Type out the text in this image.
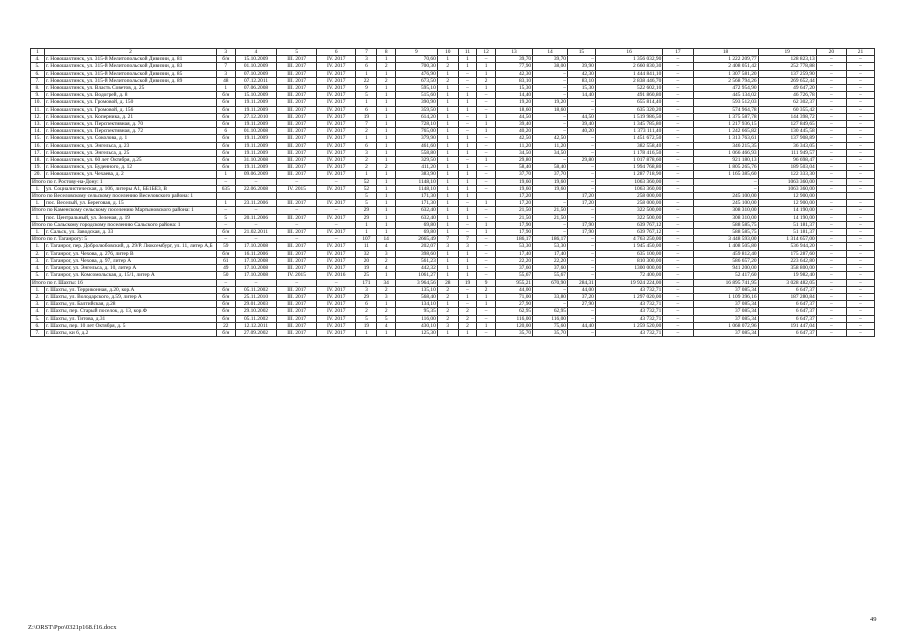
1	2	3	4	5	6	7	8	9	10	11	12	13	14	15	16	17	18	19	20	21
4.	г. Новошахтинск, ул. 315-й Мелитопольской Дивизии, д. 81	б/н	15.10.2009	III. 2017	IV. 2017	3	1	70,60	1	1	–	39,70	39,70	–	1 356 032,90	–	1 222 209,77	128 823,13	–	–
5.	г. Новошахтинск, ул. 315-й Мелитопольской Дивизии, д. 83	7	01.10.2009	III. 2017	IV. 2017	6	2	700,30	2	1	1	77,90	38,00	39,90	2 660 830,30	–	2 408 051,42	252 778,88	–	–
6.	г. Новошахтинск, ул. 315-й Мелитопольской Дивизии, д. 85	3	07.10.2009	III. 2017	IV. 2017	1	1	476,90	1	–	1	42,30	–	42,30	1 444 841,10	–	1 307 581,20	137 259,90	–	–
7.	г. Новошахтинск, ул. 315-й Мелитопольской Дивизии, д. 89	48	07.12.2011	III. 2017	IV. 2017	22	2	673,50	2	–	2	83,10	–	83,10	2 838 446,70	–	2 568 794,26	269 652,44	–	–
8.	г. Новошахтинск, ул. Власть Советов, д. 25	1	07.06.2008	III. 2017	IV. 2017	9	1	595,10	1	–	1	15,30	–	15,30	522 602,10	–	472 954,90	49 647,20	–	–
9.	г. Новошахтинск, ул. Водогрей, д. 8	б/н	15.10.2009	III. 2017	IV. 2017	5	1	515,60	1	1	–	14,40	–	14,40	491 860,80	–	445 134,02	46 726,78	–	–
10.	г. Новошахтинск, ул. Громовой, д. 150	б/н	19.11.2009	III. 2017	IV. 2017	1	1	390,90	1	1	–	19,20	19,20	–	655 814,40	–	593 512,03	62 302,37	–	–
11.	г. Новошахтинск, ул. Громовой, д. 156	б/н	19.11.2009	III. 2017	IV. 2017	6	1	359,50	1	1	–	18,60	18,60	–	635 320,20	–	574 964,78	60 355,42	–	–
12.	г. Новошахтинск, ул. Коперника, д. 21	б/н	27.12.2010	III. 2017	IV. 2017	19	1	614,20	1	–	1	44,50	–	44,50	1 519 986,50	–	1 375 587,78	144 398,72	–	–
13.	г. Новошахтинск, ул. Перспективная, д. 70	б/н	19.11.2009	III. 2017	IV. 2017	7	1	728,10	1	–	1	39,40	–	39,40	1 345 785,80	–	1 217 936,15	127 849,65	–	–
14.	г. Новошахтинск, ул. Перспективная, д. 72	6	01.10.2008	III. 2017	IV. 2017	2	1	765,00	1	–	1	40,20	–	40,20	1 373 111,40	–	1 242 665,82	130 445,58	–	–
15.	г. Новошахтинск, ул. Соколова, д. 1	б/н	19.11.2009	III. 2017	IV. 2017	1	1	379,90	1	1	–	42,50	42,50	–	1 451 672,50	–	1 313 763,61	137 908,89	–	–
16.	г. Новошахтинск, ул. Энгельса, д. 23	б/н	19.11.2009	III. 2017	IV. 2017	6	1	461,60	1	1	–	11,20	11,20	–	382 558,40	–	346 215,35	36 343,05	–	–
17.	г. Новошахтинск, ул. Энгельса, д. 25	б/н	19.11.2009	III. 2017	IV. 2017	3	1	558,80	1	1	–	34,50	34,50	–	1 178 416,50	–	1 066 466,93	111 949,57	–	–
18.	г. Новошахтинск, ул. 60 лет Октября, д.25	б/н	31.10.2008	III. 2017	IV. 2017	2	1	329,50	1	–	1	29,80	–	29,80	1 017 878,60	–	921 180,13	96 698,47	–	–
19.	г. Новошахтинск, ул. Буденного, д. 12	б/н	19.11.2009	III. 2017	IV. 2017	2	2	411,20	1	1	–	58,40	58,40	–	1 994 768,80	–	1 805 265,76	189 503,04	–	–
20.	г. Новошахтинск, ул. Чехаева, д. 2	1	09.06.2009	III. 2017	IV. 2017	1	1	383,90	1	1	–	37,70	37,70	–	1 287 718,90	–	1 165 385,60	122 333,30	–	–
Итого по г. Ростову-на-Дону: 1		–	–	–	–	52	1	1148,10	1	1	–	19,60	19,60	–	1063 360,00	–	–	1063 360,00	–	–
1.	ул. Социалистическая, д. 106, литеры А1, ББ1БЕ3, В	635	22.06.2008	IV. 2015	IV. 2017	52	1	1148,10	1	1	–	19,60	19,60	–	1063 360,00	–	–	1063 360,00	–	–
Итого по Веселовскому сельскому поселению Веселовского района: 1						5	1	171,30	1	1		17,20		17,20	258 000,00		245 100,00	12 900,00		
1.	пос. Веселый, ул. Береговая, д. 15	1	23.11.2006	III. 2017	IV. 2017	5	1	171,30	1	–	1	17,20	–	17,20	258 000,00	–	245 100,00	12 900,00	–	–
Итого по Каменскому сельскому поселению Мартыновского района: 1		–	–	–	–	29	1	632,40	1	1	–	21,50	21,50	–	322 500,00	–	308 310,00	14 190,00	–	–
1.	пос. Центральный, ул. Зеленая, д. 19	5	20.11.2006	III. 2017	IV. 2017	29	1	632,40	1	1	–	21,50	21,50	–	322 500,00	–	308 310,00	14 190,00	–	–
Итого по Сальскому городскому поселению Сальского района: 1		–	–	–	–	1	1	69,80	1	–	1	17,90	–	17,90	639 767,12	–	588 585,75	51 181,37	–	–
1.	г. Сальск, ул. Заводская, д. 33	б/н	21.02.2011	III. 2017	IV. 2017	1	1	69,80	1	–	1	17,90	–	17,90	639 767,12	–	588 585,75	51 181,37	–	–
Итого по г. Таганрогу: 5		–	–	–	–	107	14	2665,49	7	7	–	186,17	186,17	–	4 763 250,00	–	3 448 593,00	1 314 657,00	–	–
1.	г. Таганрог, пер. Добролюбовский, д. 29/Р. Люксембург, ул. 11, литер А,Б	59	17.10.2008	III. 2017	IV. 2017	11	4	202,07	3	3	–	53,30	53,30	–	1 945 450,00	–	1 408 505,80	536 944,20	–	–
2.	г. Таганрог, ул. Чехова, д. 276, литер В	б/н	16.11.2006	III. 2017	IV. 2017	32	3	398,60	1	1	–	17,40	17,40	–	635 100,00	–	459 812,40	175 287,60	–	–
3.	г. Таганрог, ул. Чехова, д. 97, литер А	61	17.10.2008	III. 2017	IV. 2017	20	2	561,23	1	1	–	22,20	22,20	–	810 300,00	–	586 657,20	223 642,80	–	–
4.	г. Таганрог, ул. Энгельса, д. 10, литер А	49	17.10.2008	III. 2017	IV. 2017	19	4	442,32	1	1	–	37,60	37,60	–	1300 000,00	–	941 200,00	358 800,00	–	–
5.	г. Таганрог, ул. Комсомольская, д. 15/1, литер А	50	17.10.2008	IV. 2015	IV. 2016	25	1	1061,27	1	1	–	55,67	55,67	–	72 400,00	–	52 417,60	19 982,40	–	–
Итого по г. Шахты: 16		–	–	–	–	171	34	3 964,56	28	19	9	955,21	670,90	284,31	19 924 224,00	–	16 895 741,95	3 028 482,05	–	–
1.	г. Шахты, ул. Терриконная, д.20, кор.А	б/н	05.11.2002	III. 2017	IV. 2017	3	2	135,10	2	–	2	44,00	–	44,00	43 732,71	–	37 085,34	6 647,37	–	–
2.	г. Шахты, ул. Володарского, д.59, литер А	б/н	25.11.2010	III. 2017	IV. 2017	29	3	568,40	2	1	1	71,00	33,80	37,20	1 297 020,00	–	1 109 396,16	187 280,84	–	–
3.	г. Шахты, ул. Балтийская, д.28	б/н	29.01.2003	III. 2017	IV. 2017	6	1	134,10	1	–	1	27,90	–	27,90	43 732,71	–	37 085,34	6 647,37	–	–
4.	г. Шахты, пер. Старый поселок, д. 13, кор.Ф	б/н	29.10.2002	III. 2017	IV. 2017	2	2	95,35	2	2	–	62,95	62,95	–	43 732,71	–	37 085,34	6 647,37	–	–
5.	г. Шахты, ул. Титова, д.31	б/н	05.11.2002	III. 2017	IV. 2017	5	5	116,00	2	2	–	116,00	116,00	–	43 732,71	–	37 085,34	6 647,37	–	–
6.	г. Шахты, пер. 10 лет Октября, д. 5	22	12.12.2011	III. 2017	IV. 2017	19	4	430,10	3	2	1	120,00	75,60	44,40	1 259 520,00	–	1 068 072,96	191 447,04	–	–
7.	г. Шахты, ки 6, д.2	б/н	27.09.2002	III. 2017	IV. 2017	1	1	125,30	1	1	–	35,70	35,70	–	43 732,71	–	37 085,34	6 647,37	–	–
Z:\ORST\Ppo\0321p168.f16.docx
49
